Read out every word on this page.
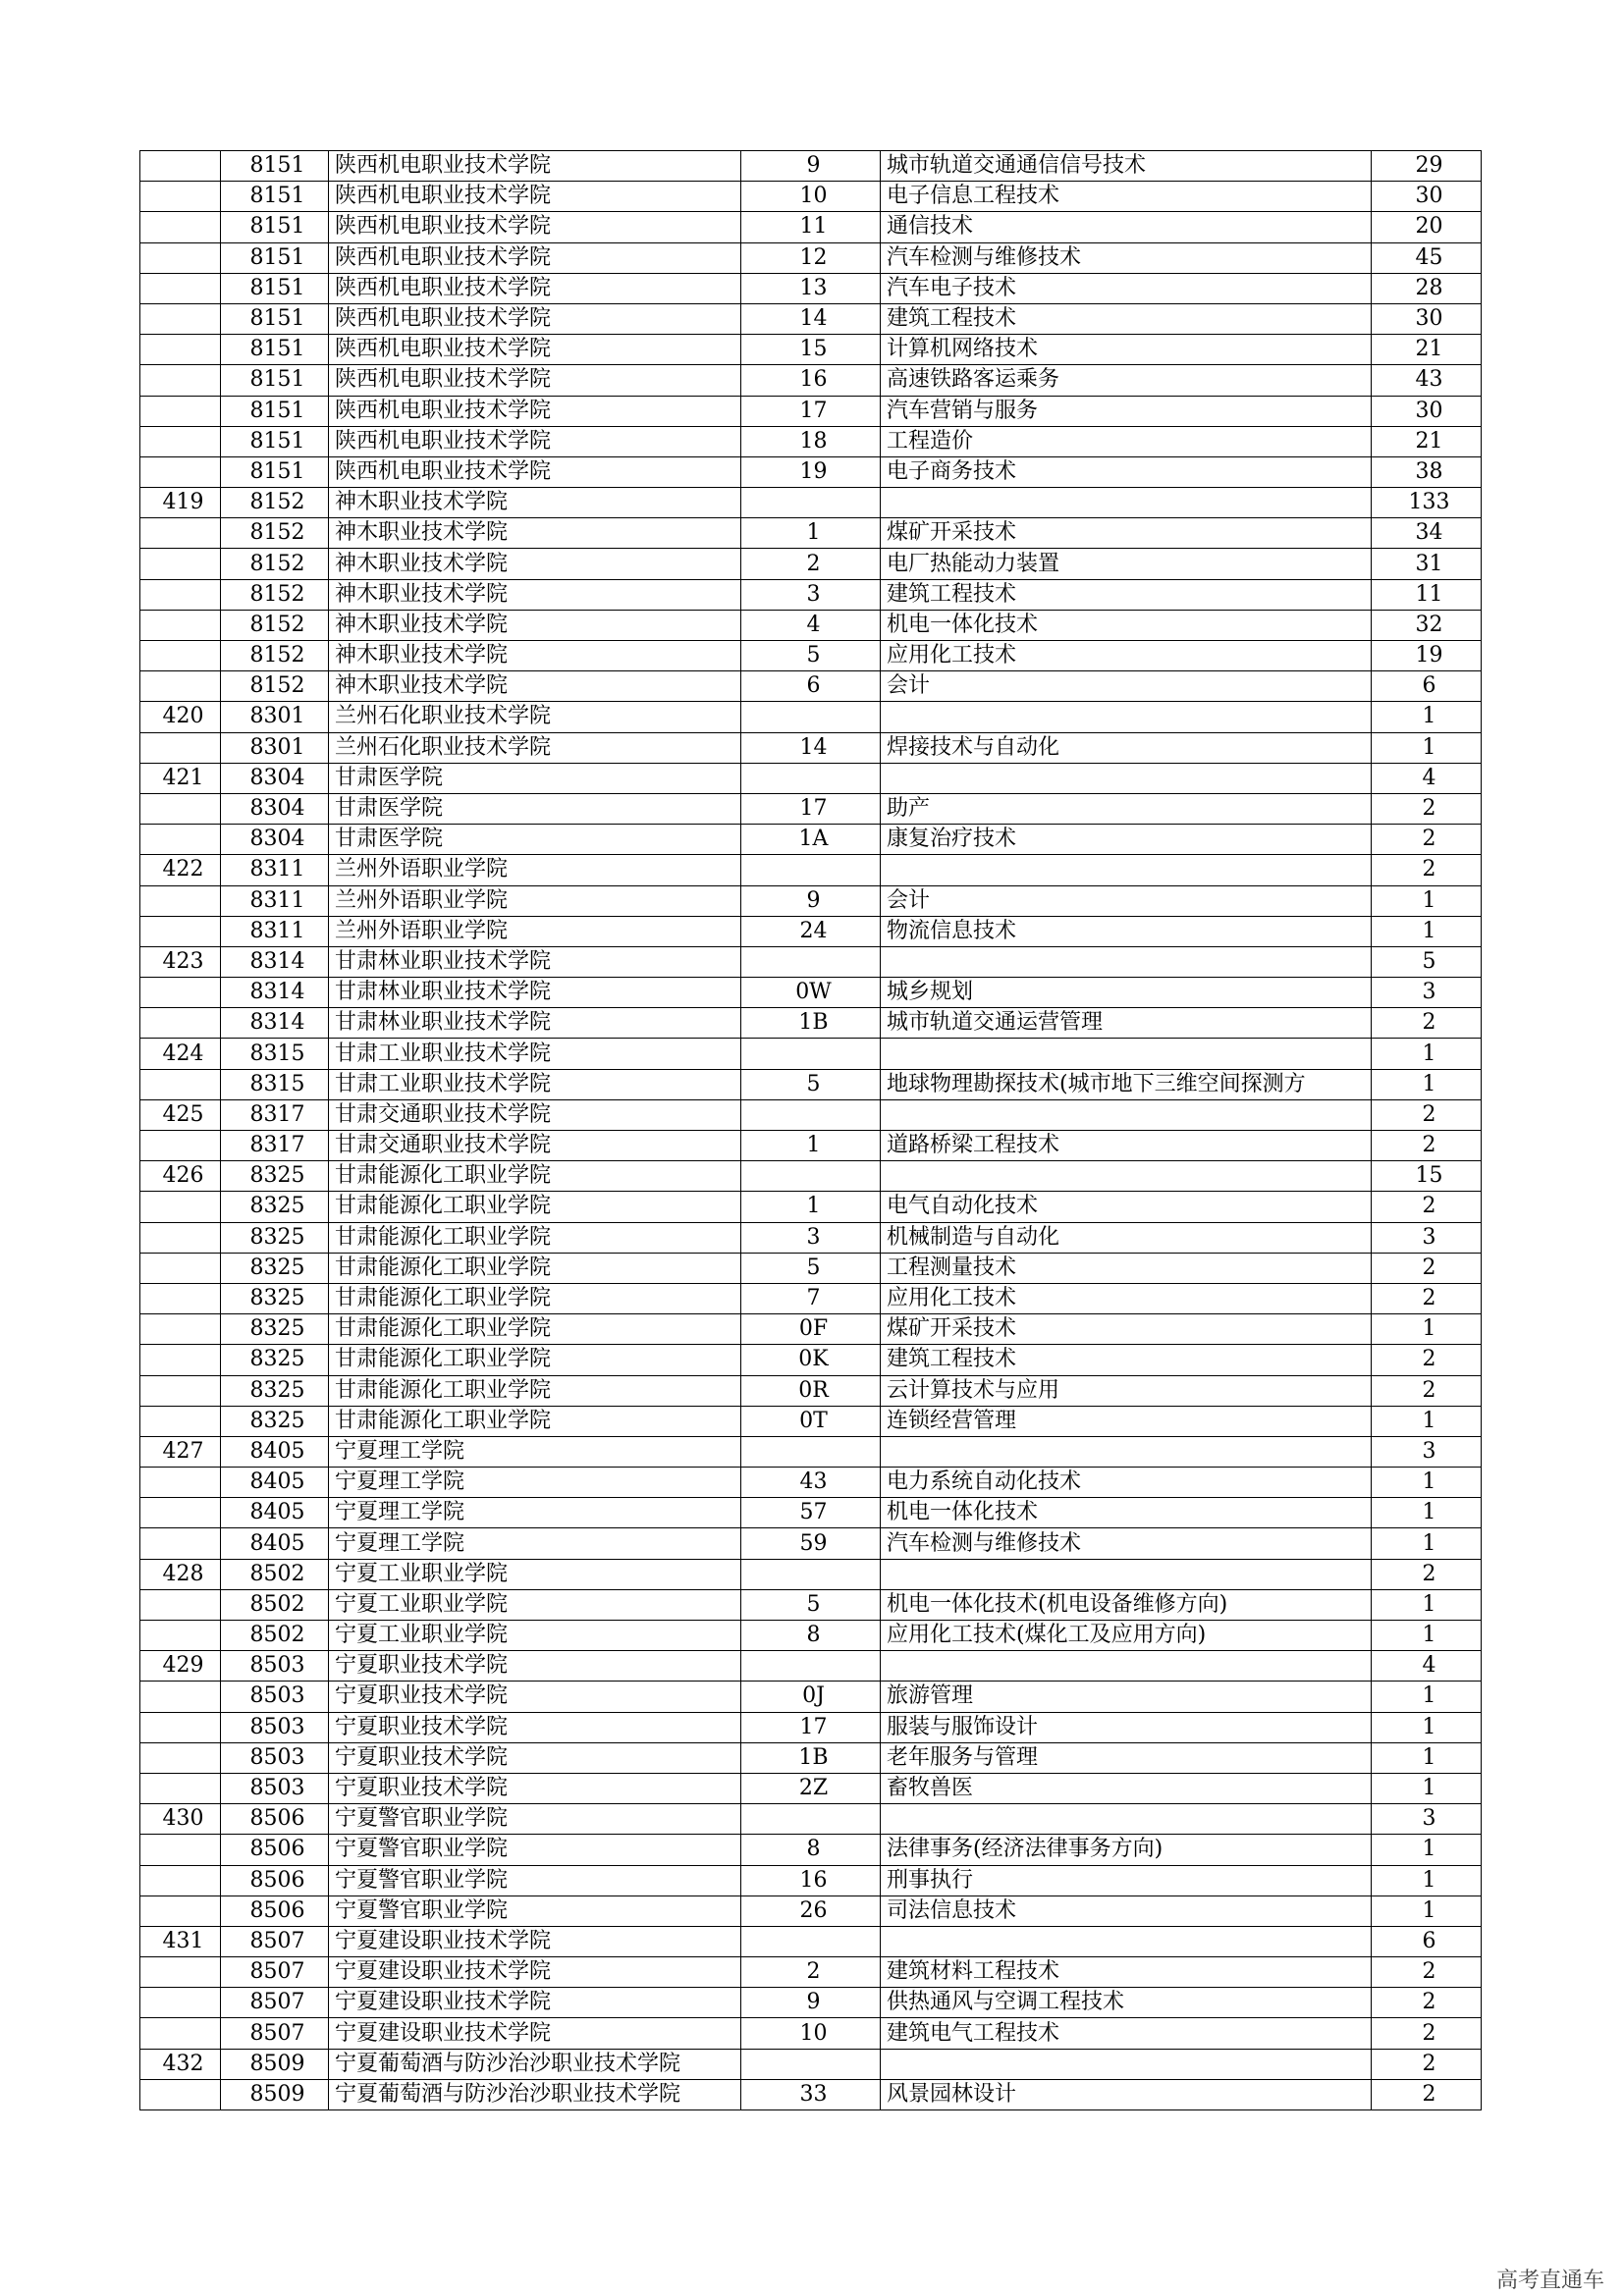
	8151	陕西机电职业技术学院	9	城市轨道交通通信信号技术	29
	8151	陕西机电职业技术学院	10	电子信息工程技术	30
	8151	陕西机电职业技术学院	11	通信技术	20
	8151	陕西机电职业技术学院	12	汽车检测与维修技术	45
	8151	陕西机电职业技术学院	13	汽车电子技术	28
	8151	陕西机电职业技术学院	14	建筑工程技术	30
	8151	陕西机电职业技术学院	15	计算机网络技术	21
	8151	陕西机电职业技术学院	16	高速铁路客运乘务	43
	8151	陕西机电职业技术学院	17	汽车营销与服务	30
	8151	陕西机电职业技术学院	18	工程造价	21
	8151	陕西机电职业技术学院	19	电子商务技术	38
419	8152	神木职业技术学院			133
	8152	神木职业技术学院	1	煤矿开采技术	34
	8152	神木职业技术学院	2	电厂热能动力装置	31
	8152	神木职业技术学院	3	建筑工程技术	11
	8152	神木职业技术学院	4	机电一体化技术	32
	8152	神木职业技术学院	5	应用化工技术	19
	8152	神木职业技术学院	6	会计	6
420	8301	兰州石化职业技术学院			1
	8301	兰州石化职业技术学院	14	焊接技术与自动化	1
421	8304	甘肃医学院			4
	8304	甘肃医学院	17	助产	2
	8304	甘肃医学院	1A	康复治疗技术	2
422	8311	兰州外语职业学院			2
	8311	兰州外语职业学院	9	会计	1
	8311	兰州外语职业学院	24	物流信息技术	1
423	8314	甘肃林业职业技术学院			5
	8314	甘肃林业职业技术学院	0W	城乡规划	3
	8314	甘肃林业职业技术学院	1B	城市轨道交通运营管理	2
424	8315	甘肃工业职业技术学院			1
	8315	甘肃工业职业技术学院	5	地球物理勘探技术(城市地下三维空间探测方	1
425	8317	甘肃交通职业技术学院			2
	8317	甘肃交通职业技术学院	1	道路桥梁工程技术	2
426	8325	甘肃能源化工职业学院			15
	8325	甘肃能源化工职业学院	1	电气自动化技术	2
	8325	甘肃能源化工职业学院	3	机械制造与自动化	3
	8325	甘肃能源化工职业学院	5	工程测量技术	2
	8325	甘肃能源化工职业学院	7	应用化工技术	2
	8325	甘肃能源化工职业学院	0F	煤矿开采技术	1
	8325	甘肃能源化工职业学院	0K	建筑工程技术	2
	8325	甘肃能源化工职业学院	0R	云计算技术与应用	2
	8325	甘肃能源化工职业学院	0T	连锁经营管理	1
427	8405	宁夏理工学院			3
	8405	宁夏理工学院	43	电力系统自动化技术	1
	8405	宁夏理工学院	57	机电一体化技术	1
	8405	宁夏理工学院	59	汽车检测与维修技术	1
428	8502	宁夏工业职业学院			2
	8502	宁夏工业职业学院	5	机电一体化技术(机电设备维修方向)	1
	8502	宁夏工业职业学院	8	应用化工技术(煤化工及应用方向)	1
429	8503	宁夏职业技术学院			4
	8503	宁夏职业技术学院	0J	旅游管理	1
	8503	宁夏职业技术学院	17	服装与服饰设计	1
	8503	宁夏职业技术学院	1B	老年服务与管理	1
	8503	宁夏职业技术学院	2Z	畜牧兽医	1
430	8506	宁夏警官职业学院			3
	8506	宁夏警官职业学院	8	法律事务(经济法律事务方向)	1
	8506	宁夏警官职业学院	16	刑事执行	1
	8506	宁夏警官职业学院	26	司法信息技术	1
431	8507	宁夏建设职业技术学院			6
	8507	宁夏建设职业技术学院	2	建筑材料工程技术	2
	8507	宁夏建设职业技术学院	9	供热通风与空调工程技术	2
	8507	宁夏建设职业技术学院	10	建筑电气工程技术	2
432	8509	宁夏葡萄酒与防沙治沙职业技术学院			2
	8509	宁夏葡萄酒与防沙治沙职业技术学院	33	风景园林设计	2
高考直通车
